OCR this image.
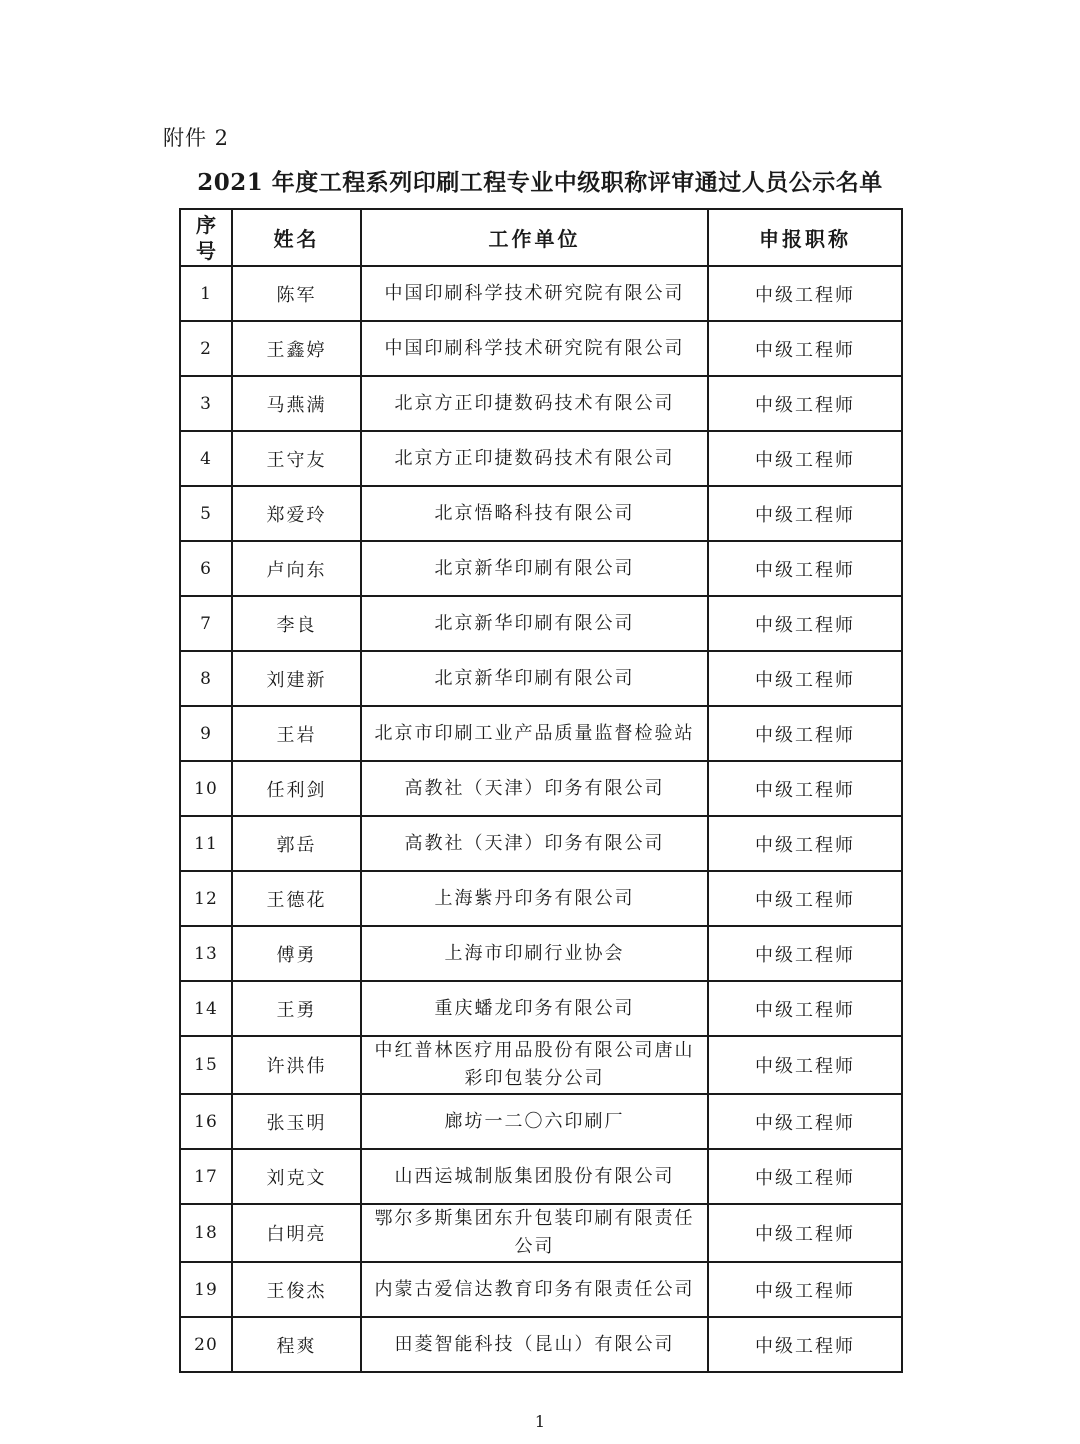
附件 2
2021 年度工程系列印刷工程专业中级职称评审通过人员公示名单
序号	姓名	工作单位	申报职称
1	陈军	中国印刷科学技术研究院有限公司	中级工程师
2	王鑫婷	中国印刷科学技术研究院有限公司	中级工程师
3	马燕满	北京方正印捷数码技术有限公司	中级工程师
4	王守友	北京方正印捷数码技术有限公司	中级工程师
5	郑爱玲	北京悟略科技有限公司	中级工程师
6	卢向东	北京新华印刷有限公司	中级工程师
7	李良	北京新华印刷有限公司	中级工程师
8	刘建新	北京新华印刷有限公司	中级工程师
9	王岩	北京市印刷工业产品质量监督检验站	中级工程师
10	任利剑	高教社（天津）印务有限公司	中级工程师
11	郭岳	高教社（天津）印务有限公司	中级工程师
12	王德花	上海紫丹印务有限公司	中级工程师
13	傅勇	上海市印刷行业协会	中级工程师
14	王勇	重庆蟠龙印务有限公司	中级工程师
15	许洪伟	中红普林医疗用品股份有限公司唐山彩印包装分公司	中级工程师
16	张玉明	廊坊一二〇六印刷厂	中级工程师
17	刘克文	山西运城制版集团股份有限公司	中级工程师
18	白明亮	鄂尔多斯集团东升包装印刷有限责任公司	中级工程师
19	王俊杰	内蒙古爱信达教育印务有限责任公司	中级工程师
20	程爽	田菱智能科技（昆山）有限公司	中级工程师
1
